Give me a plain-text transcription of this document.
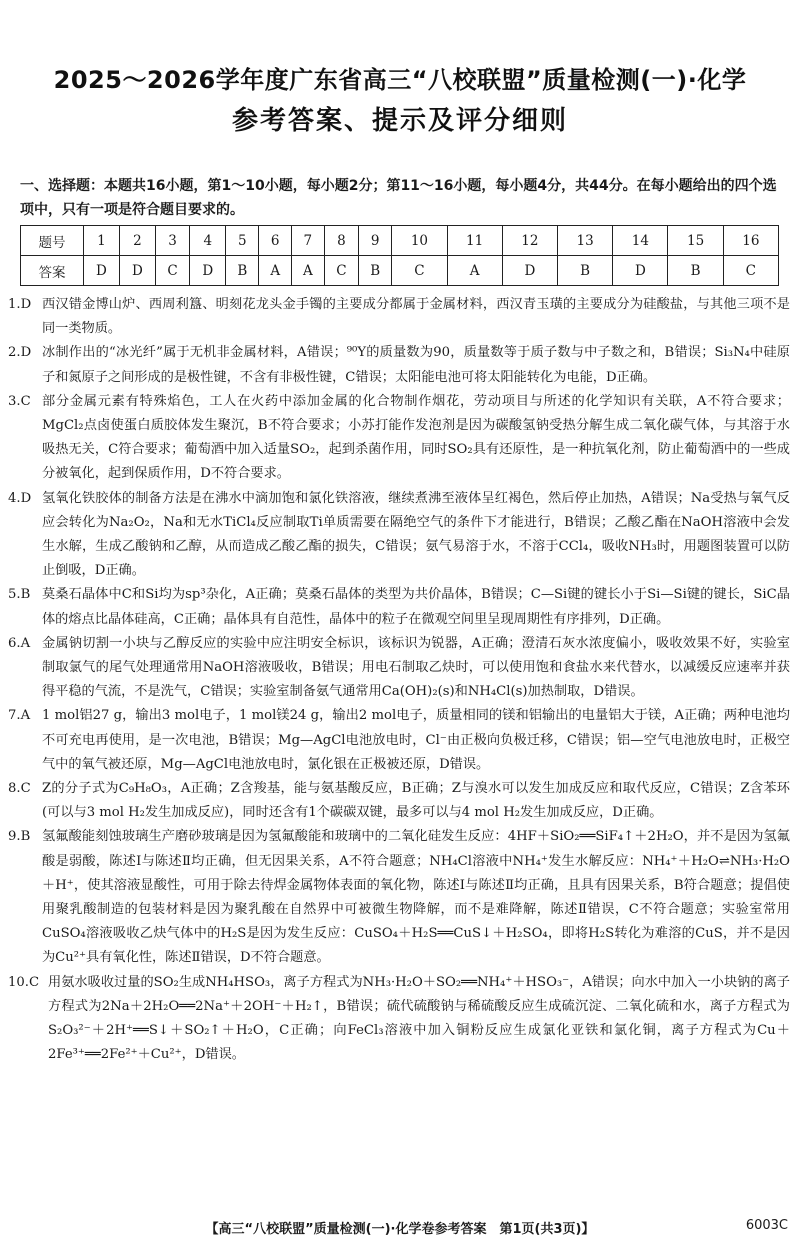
2025～2026学年度广东省高三“八校联盟”质量检测(一)·化学
参考答案、提示及评分细则
一、选择题：本题共16小题，第1～10小题，每小题2分；第11～16小题，每小题4分，共44分。在每小题给出的四个选项中，只有一项是符合题目要求的。
题号	1	2	3	4	5	6	7	8	9	10	11	12	13	14	15	16
答案	D	D	C	D	B	A	A	C	B	C	A	D	B	D	B	C
1.D 西汉错金博山炉、西周利簋、明刻花龙头金手镯的主要成分都属于金属材料，西汉青玉璜的主要成分为硅酸盐，与其他三项不是同一类物质。
2.D 冰制作出的“冰光纤”属于无机非金属材料，A错误；⁹⁰Y的质量数为90，质量数等于质子数与中子数之和，B错误；Si₃N₄中硅原子和氮原子之间形成的是极性键，不含有非极性键，C错误；太阳能电池可将太阳能转化为电能，D正确。
3.C 部分金属元素有特殊焰色，工人在火药中添加金属的化合物制作烟花，劳动项目与所述的化学知识有关联，A不符合要求；MgCl₂点卤使蛋白质胶体发生聚沉，B不符合要求；小苏打能作发泡剂是因为碳酸氢钠受热分解生成二氧化碳气体，与其溶于水吸热无关，C符合要求；葡萄酒中加入适量SO₂，起到杀菌作用，同时SO₂具有还原性，是一种抗氧化剂，防止葡萄酒中的一些成分被氧化，起到保质作用，D不符合要求。
4.D 氢氧化铁胶体的制备方法是在沸水中滴加饱和氯化铁溶液，继续煮沸至液体呈红褐色，然后停止加热，A错误；Na受热与氧气反应会转化为Na₂O₂，Na和无水TiCl₄反应制取Ti单质需要在隔绝空气的条件下才能进行，B错误；乙酸乙酯在NaOH溶液中会发生水解，生成乙酸钠和乙醇，从而造成乙酸乙酯的损失，C错误；氨气易溶于水，不溶于CCl₄，吸收NH₃时，用题图装置可以防止倒吸，D正确。
5.B 莫桑石晶体中C和Si均为sp³杂化，A正确；莫桑石晶体的类型为共价晶体，B错误；C—Si键的键长小于Si—Si键的键长，SiC晶体的熔点比晶体硅高，C正确；晶体具有自范性，晶体中的粒子在微观空间里呈现周期性有序排列，D正确。
6.A 金属钠切割一小块与乙醇反应的实验中应注明安全标识，该标识为锐器，A正确；澄清石灰水浓度偏小，吸收效果不好，实验室制取氯气的尾气处理通常用NaOH溶液吸收，B错误；用电石制取乙炔时，可以使用饱和食盐水来代替水，以减缓反应速率并获得平稳的气流，不是洗气，C错误；实验室制备氨气通常用Ca(OH)₂(s)和NH₄Cl(s)加热制取，D错误。
7.A 1 mol铝27 g，输出3 mol电子，1 mol镁24 g，输出2 mol电子，质量相同的镁和铝输出的电量铝大于镁，A正确；两种电池均不可充电再使用，是一次电池，B错误；Mg—AgCl电池放电时，Cl⁻由正极向负极迁移，C错误；铝—空气电池放电时，正极空气中的氧气被还原，Mg—AgCl电池放电时，氯化银在正极被还原，D错误。
8.C Z的分子式为C₉H₈O₃，A正确；Z含羧基，能与氨基酸反应，B正确；Z与溴水可以发生加成反应和取代反应，C错误；Z含苯环(可以与3 mol H₂发生加成反应)，同时还含有1个碳碳双键，最多可以与4 mol H₂发生加成反应，D正确。
9.B 氢氟酸能刻蚀玻璃生产磨砂玻璃是因为氢氟酸能和玻璃中的二氧化硅发生反应：4HF＋SiO₂══SiF₄↑＋2H₂O，并不是因为氢氟酸是弱酸，陈述Ⅰ与陈述Ⅱ均正确，但无因果关系，A不符合题意；NH₄Cl溶液中NH₄⁺发生水解反应：NH₄⁺＋H₂O⇌NH₃·H₂O＋H⁺，使其溶液显酸性，可用于除去待焊金属物体表面的氧化物，陈述Ⅰ与陈述Ⅱ均正确，且具有因果关系，B符合题意；提倡使用聚乳酸制造的包装材料是因为聚乳酸在自然界中可被微生物降解，而不是难降解，陈述Ⅱ错误，C不符合题意；实验室常用CuSO₄溶液吸收乙炔气体中的H₂S是因为发生反应：CuSO₄＋H₂S══CuS↓＋H₂SO₄，即将H₂S转化为难溶的CuS，并不是因为Cu²⁺具有氧化性，陈述Ⅱ错误，D不符合题意。
10.C 用氨水吸收过量的SO₂生成NH₄HSO₃，离子方程式为NH₃·H₂O＋SO₂══NH₄⁺＋HSO₃⁻，A错误；向水中加入一小块钠的离子方程式为2Na＋2H₂O══2Na⁺＋2OH⁻＋H₂↑，B错误；硫代硫酸钠与稀硫酸反应生成硫沉淀、二氧化硫和水，离子方程式为S₂O₃²⁻＋2H⁺══S↓＋SO₂↑＋H₂O，C正确；向FeCl₃溶液中加入铜粉反应生成氯化亚铁和氯化铜，离子方程式为Cu＋2Fe³⁺══2Fe²⁺＋Cu²⁺，D错误。
【高三“八校联盟”质量检测(一)·化学卷参考答案　第1页(共3页)】	6003C
